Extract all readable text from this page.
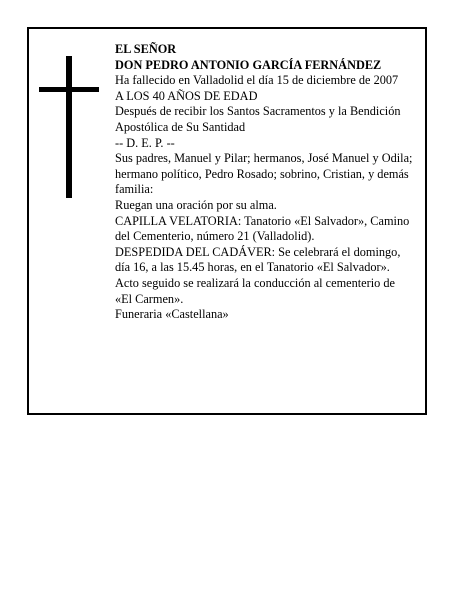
EL SEÑOR

DON PEDRO ANTONIO GARCÍA FERNÁNDEZ

Ha fallecido en Valladolid el día 15 de diciembre de 2007

A LOS 40 AÑOS DE EDAD

Después de recibir los Santos Sacramentos y la Bendición Apostólica de Su Santidad

-- D. E. P. --

Sus padres, Manuel y Pilar; hermanos, José Manuel y Odila; hermano político, Pedro Rosado; sobrino, Cristian, y demás familia:

Ruegan una oración por su alma.

CAPILLA VELATORIA: Tanatorio «El Salvador», Camino del Cementerio, número 21 (Valladolid).

DESPEDIDA DEL CADÁVER: Se celebrará el domingo, día 16, a las 15.45 horas, en el Tanatorio «El Salvador». Acto seguido se realizará la conducción al cementerio de «El Carmen».

Funeraria «Castellana»
